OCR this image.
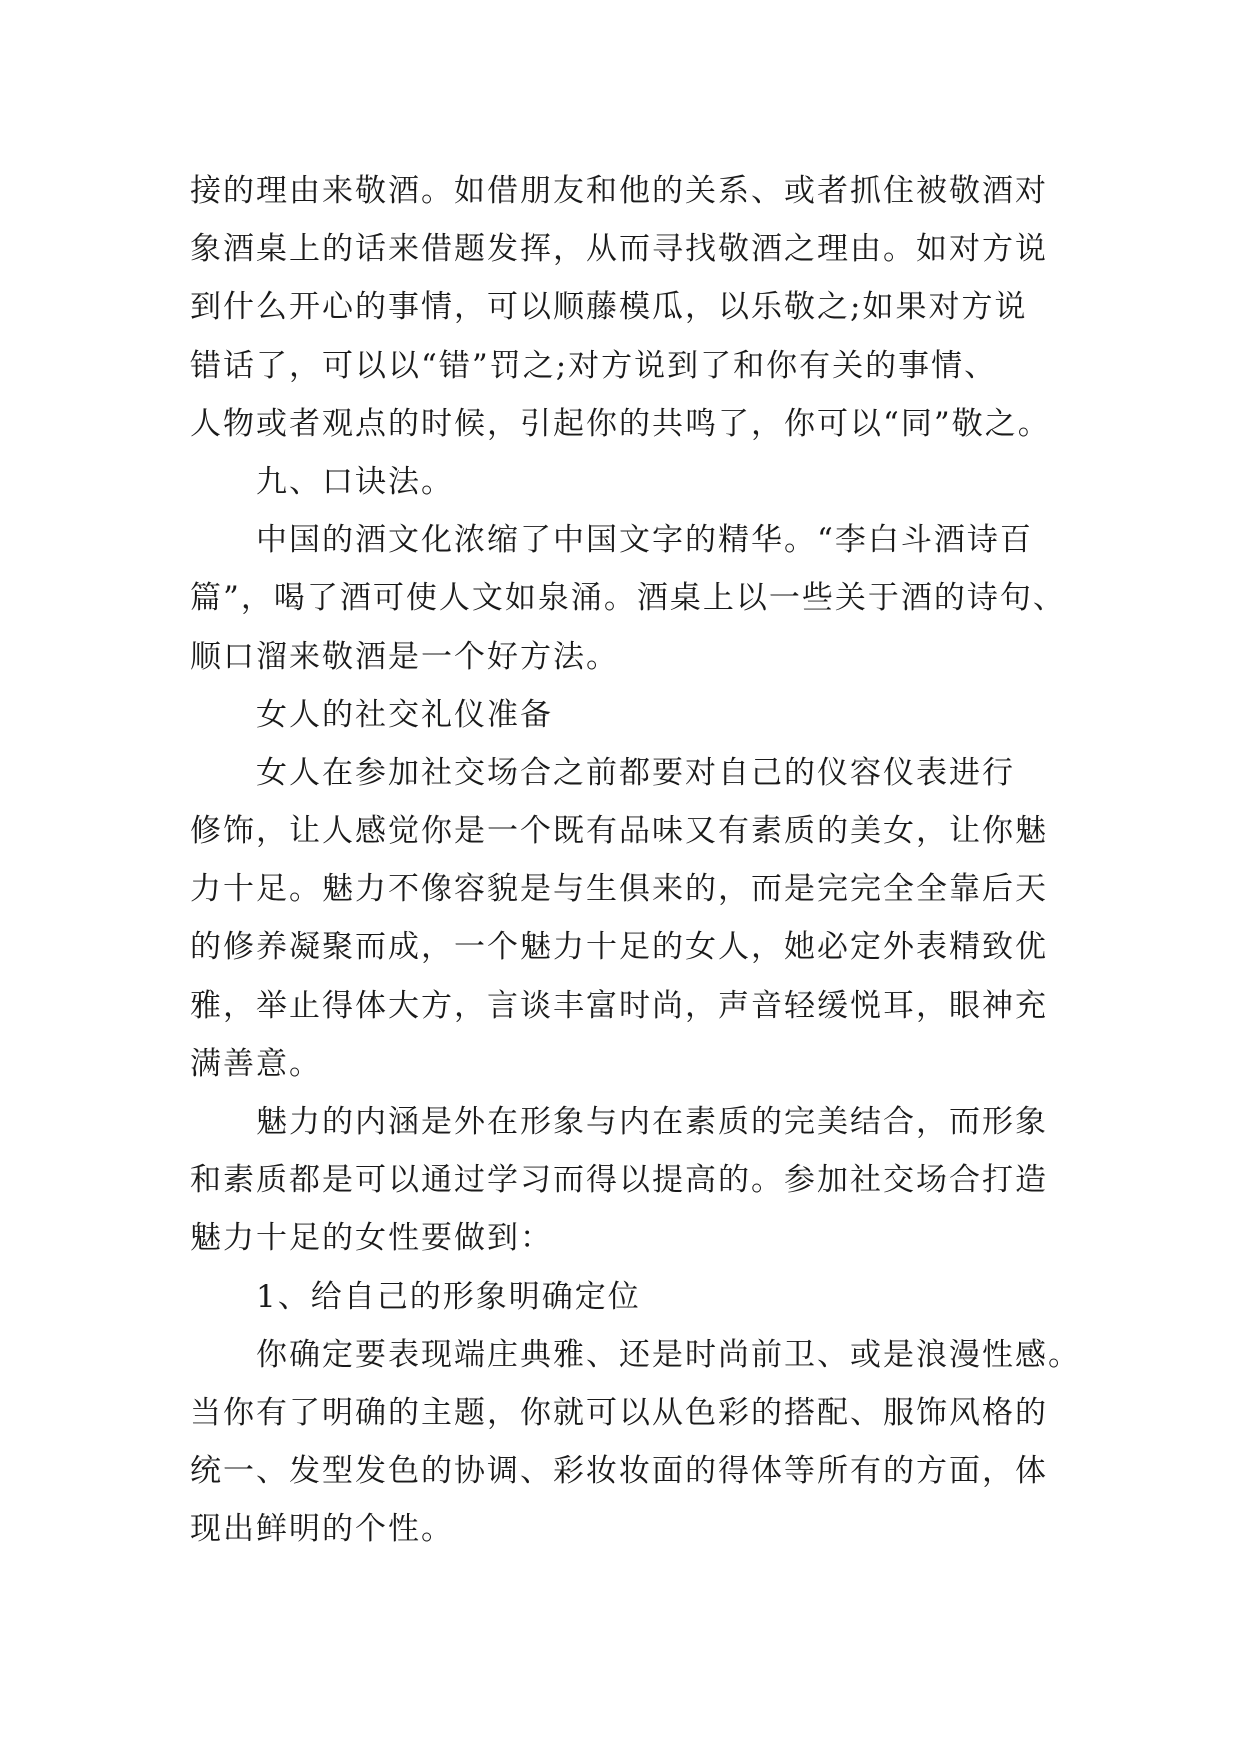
接的理由来敬酒。如借朋友和他的关系、或者抓住被敬酒对

象酒桌上的话来借题发挥，从而寻找敬酒之理由。如对方说

到什么开心的事情，可以顺藤模瓜，以乐敬之;如果对方说

错话了，可以以“错”罚之;对方说到了和你有关的事情、

人物或者观点的时候，引起你的共鸣了，你可以“同”敬之。

九、口诀法。

中国的酒文化浓缩了中国文字的精华。“李白斗酒诗百

篇”，喝了酒可使人文如泉涌。酒桌上以一些关于酒的诗句、

顺口溜来敬酒是一个好方法。

女人的社交礼仪准备

女人在参加社交场合之前都要对自己的仪容仪表进行

修饰，让人感觉你是一个既有品味又有素质的美女，让你魅

力十足。魅力不像容貌是与生俱来的，而是完完全全靠后天

的修养凝聚而成，一个魅力十足的女人，她必定外表精致优

雅，举止得体大方，言谈丰富时尚，声音轻缓悦耳，眼神充

满善意。

魅力的内涵是外在形象与内在素质的完美结合，而形象

和素质都是可以通过学习而得以提高的。参加社交场合打造

魅力十足的女性要做到：

1、给自己的形象明确定位

你确定要表现端庄典雅、还是时尚前卫、或是浪漫性感。

当你有了明确的主题，你就可以从色彩的搭配、服饰风格的

统一、发型发色的协调、彩妆妆面的得体等所有的方面，体

现出鲜明的个性。
